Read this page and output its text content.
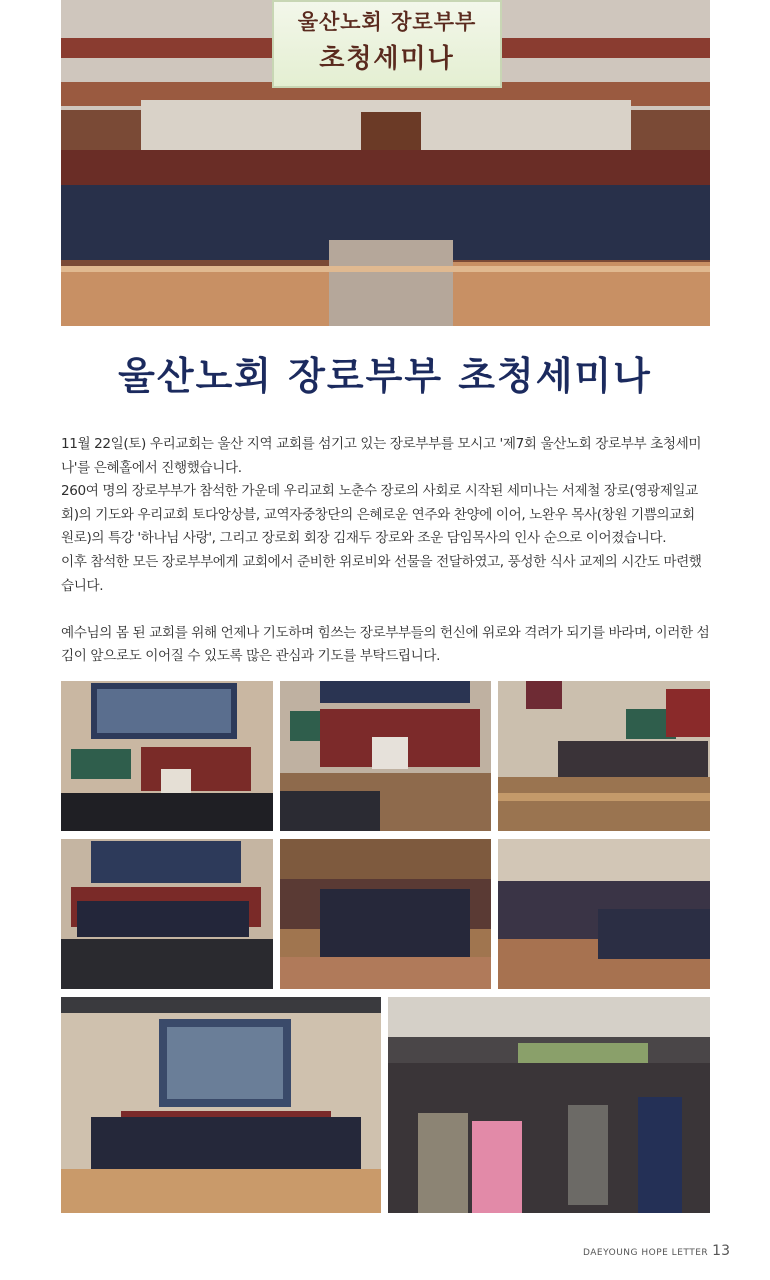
울산노회 장로부부
초청세미나
울산노회 장로부부 초청세미나

11월 22일(토) 우리교회는 울산 지역 교회를 섬기고 있는 장로부부를 모시고 '제7회 울산노회 장로부부 초청세미나'를 은혜홀에서 진행했습니다.

260여 명의 장로부부가 참석한 가운데 우리교회 노춘수 장로의 사회로 시작된 세미나는 서제철 장로(영광제일교회)의 기도와 우리교회 토다앙상블, 교역자중창단의 은혜로운 연주와 찬양에 이어, 노완우 목사(창원 기쁨의교회 원로)의 특강 '하나님 사랑', 그리고 장로회 회장 김재두 장로와 조운 담임목사의 인사 순으로 이어졌습니다.

이후 참석한 모든 장로부부에게 교회에서 준비한 위로비와 선물을 전달하였고, 풍성한 식사 교제의 시간도 마련했습니다.

예수님의 몸 된 교회를 위해 언제나 기도하며 힘쓰는 장로부부들의 헌신에 위로와 격려가 되기를 바라며, 이러한 섬김이 앞으로도 이어질 수 있도록 많은 관심과 기도를 부탁드립니다.

DAEYOUNG HOPE LETTER 13
